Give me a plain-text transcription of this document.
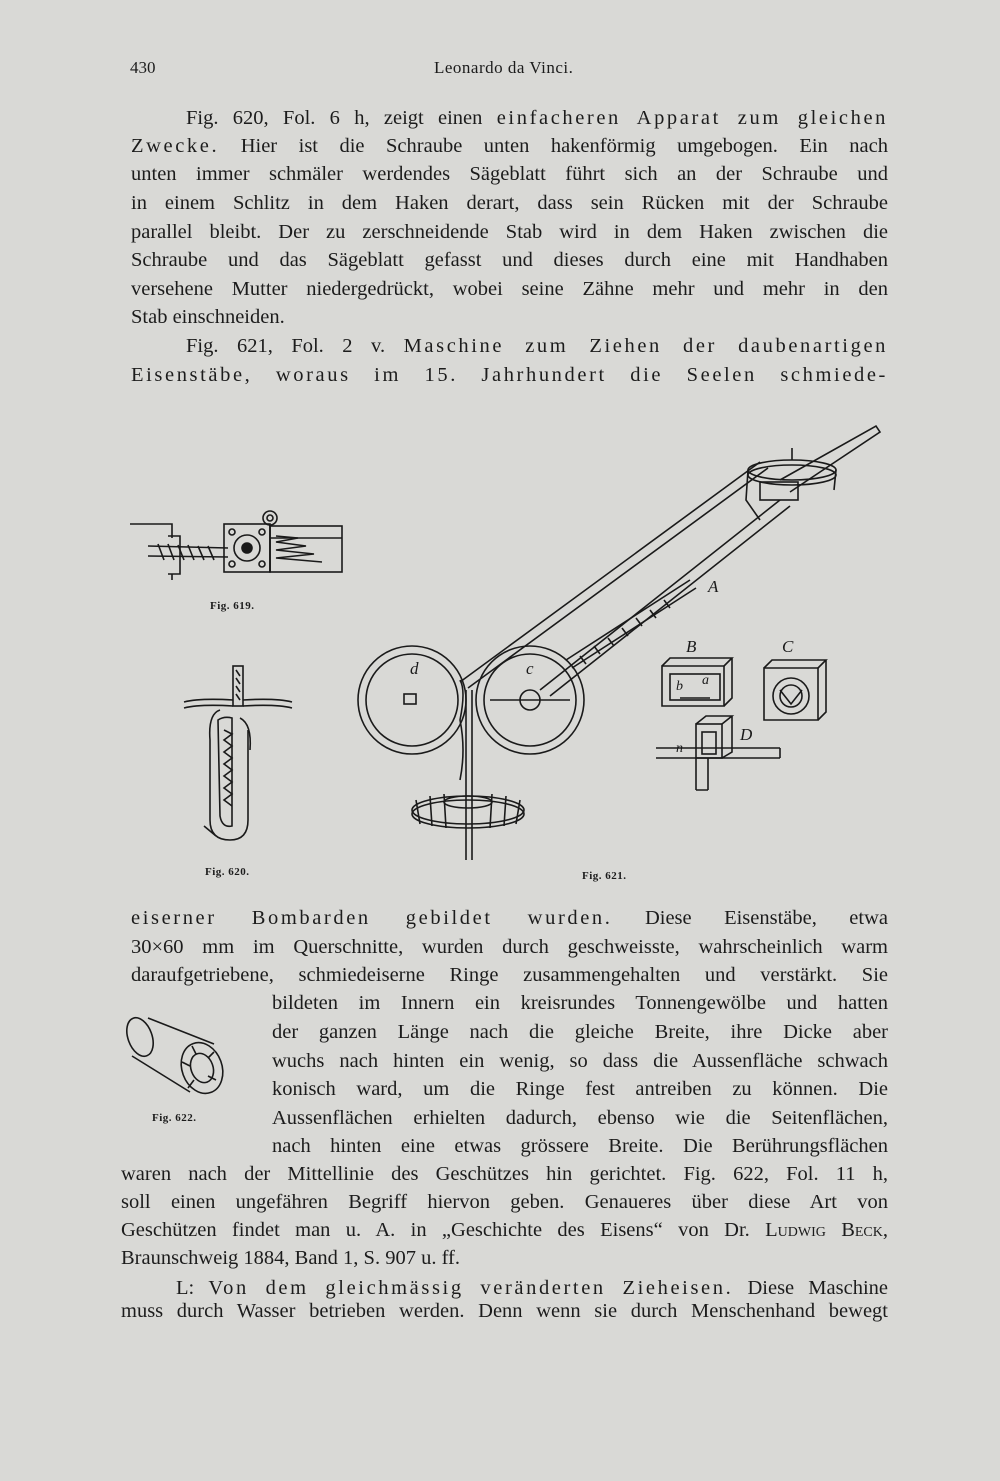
430	Leonardo da Vinci.
Fig. 620, Fol. 6 h, zeigt einen einfacheren Apparat zum gleichen
Zwecke. Hier ist die Schraube unten hakenförmig umgebogen. Ein nach
unten immer schmäler werdendes Sägeblatt führt sich an der Schraube und
in einem Schlitz in dem Haken derart, dass sein Rücken mit der Schraube
parallel bleibt. Der zu zerschneidende Stab wird in dem Haken zwischen die
Schraube und das Sägeblatt gefasst und dieses durch eine mit Handhaben
versehene Mutter niedergedrückt, wobei seine Zähne mehr und mehr in den
Stab einschneiden.
Fig. 621, Fol. 2 v. Maschine zum Ziehen der daubenartigen
Eisenstäbe, woraus im 15. Jahrhundert die Seelen schmiede-
Fig. 619.
Fig. 620.
A
d	c
Fig. 621.
B
b a
C
D
n
eiserner Bombarden gebildet wurden. Diese Eisenstäbe, etwa
30×60 mm im Querschnitte, wurden durch geschweisste, wahrscheinlich warm
daraufgetriebene, schmiedeiserne Ringe zusammengehalten und verstärkt. Sie
bildeten im Innern ein kreisrundes Tonnengewölbe und hatten
der ganzen Länge nach die gleiche Breite, ihre Dicke aber
wuchs nach hinten ein wenig, so dass die Aussenfläche schwach
konisch ward, um die Ringe fest antreiben zu können. Die
Aussenflächen erhielten dadurch, ebenso wie die Seitenflächen,
nach hinten eine etwas grössere Breite. Die Berührungsflächen
waren nach der Mittellinie des Geschützes hin gerichtet. Fig. 622, Fol. 11 h,
soll einen ungefähren Begriff hiervon geben. Genaueres über diese Art von
Geschützen findet man u. A. in „Geschichte des Eisens“ von Dr. Ludwig Beck,
Braunschweig 1884, Band 1, S. 907 u. ff.
Fig. 622.
L: Von dem gleichmässig veränderten Zieheisen. Diese Maschine
muss durch Wasser betrieben werden. Denn wenn sie durch Menschenhand bewegt
